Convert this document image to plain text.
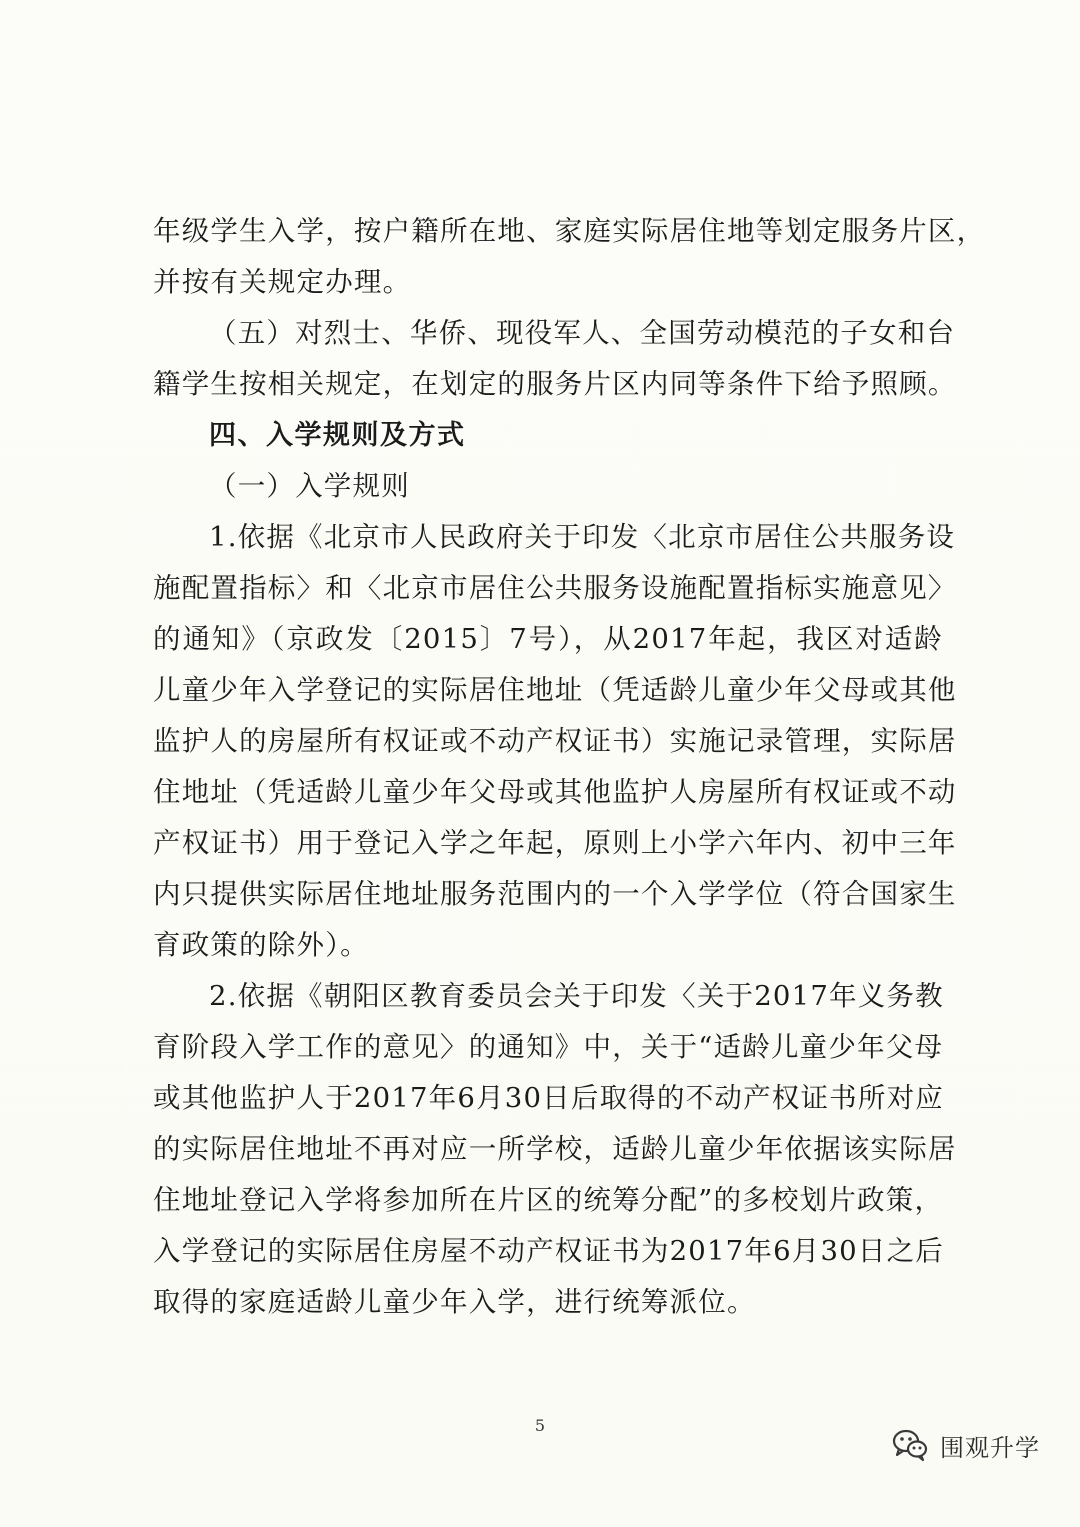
年级学生入学，按户籍所在地、家庭实际居住地等划定服务片区，
并按有关规定办理。
（五）对烈士、华侨、现役军人、全国劳动模范的子女和台
籍学生按相关规定，在划定的服务片区内同等条件下给予照顾。
四、入学规则及方式
（一）入学规则
1.依据《北京市人民政府关于印发〈北京市居住公共服务设
施配置指标〉和〈北京市居住公共服务设施配置指标实施意见〉
的通知》（京政发〔2015〕7号），从2017年起，我区对适龄
儿童少年入学登记的实际居住地址（凭适龄儿童少年父母或其他
监护人的房屋所有权证或不动产权证书）实施记录管理，实际居
住地址（凭适龄儿童少年父母或其他监护人房屋所有权证或不动
产权证书）用于登记入学之年起，原则上小学六年内、初中三年
内只提供实际居住地址服务范围内的一个入学学位（符合国家生
育政策的除外）。
2.依据《朝阳区教育委员会关于印发〈关于2017年义务教
育阶段入学工作的意见〉的通知》中，关于“适龄儿童少年父母
或其他监护人于2017年6月30日后取得的不动产权证书所对应
的实际居住地址不再对应一所学校，适龄儿童少年依据该实际居
住地址登记入学将参加所在片区的统筹分配”的多校划片政策，
入学登记的实际居住房屋不动产权证书为2017年6月30日之后
取得的家庭适龄儿童少年入学，进行统筹派位。
5
围观升学
